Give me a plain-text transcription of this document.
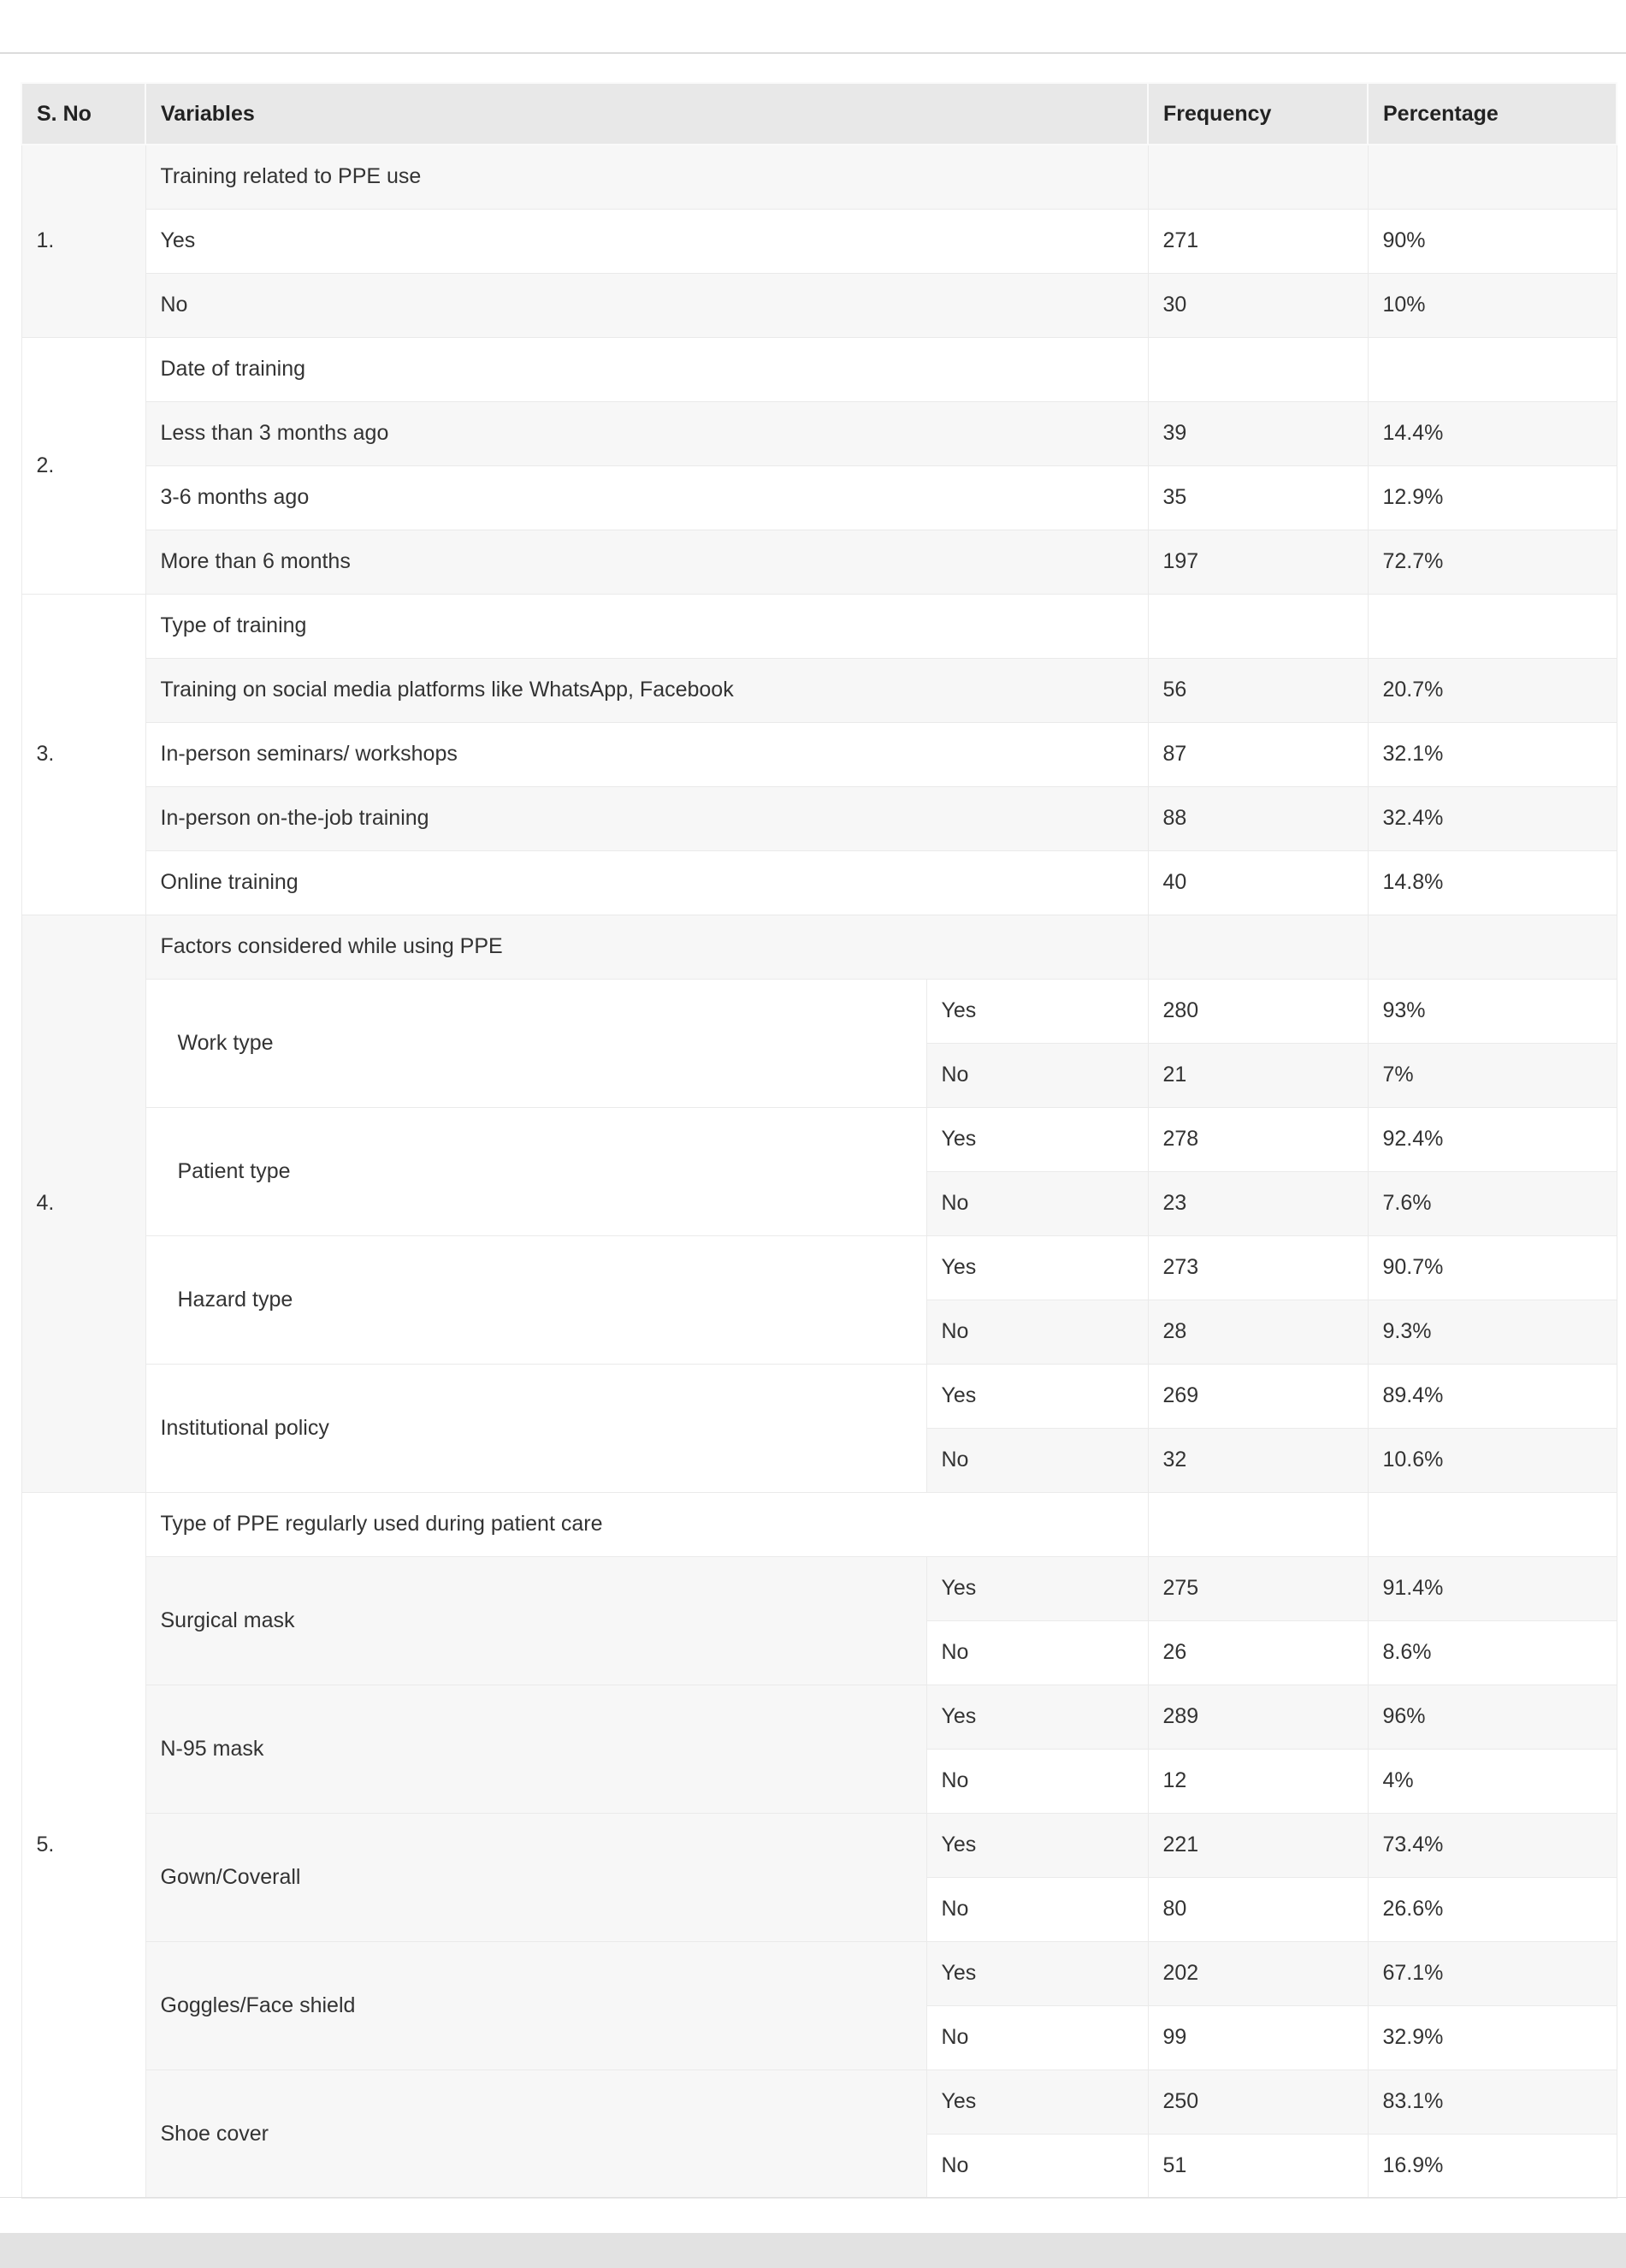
S. No	Variables		Frequency	Percentage
1.	Training related to PPE use			
	Yes		271	90%
	No		30	10%
2.	Date of training			
	Less than 3 months ago		39	14.4%
	3-6 months ago		35	12.9%
	More than 6 months		197	72.7%
3.	Type of training			
	Training on social media platforms like WhatsApp, Facebook		56	20.7%
	In-person seminars/ workshops		87	32.1%
	In-person on-the-job training		88	32.4%
	Online training		40	14.8%
4.	Factors considered while using PPE			
	Work type	Yes	280	93%
		No	21	7%
	Patient type	Yes	278	92.4%
		No	23	7.6%
	Hazard type	Yes	273	90.7%
		No	28	9.3%
	Institutional policy	Yes	269	89.4%
		No	32	10.6%
5.	Type of PPE regularly used during patient care			
	Surgical mask	Yes	275	91.4%
		No	26	8.6%
	N-95 mask	Yes	289	96%
		No	12	4%
	Gown/Coverall	Yes	221	73.4%
		No	80	26.6%
	Goggles/Face shield	Yes	202	67.1%
		No	99	32.9%
	Shoe cover	Yes	250	83.1%
		No	51	16.9%
